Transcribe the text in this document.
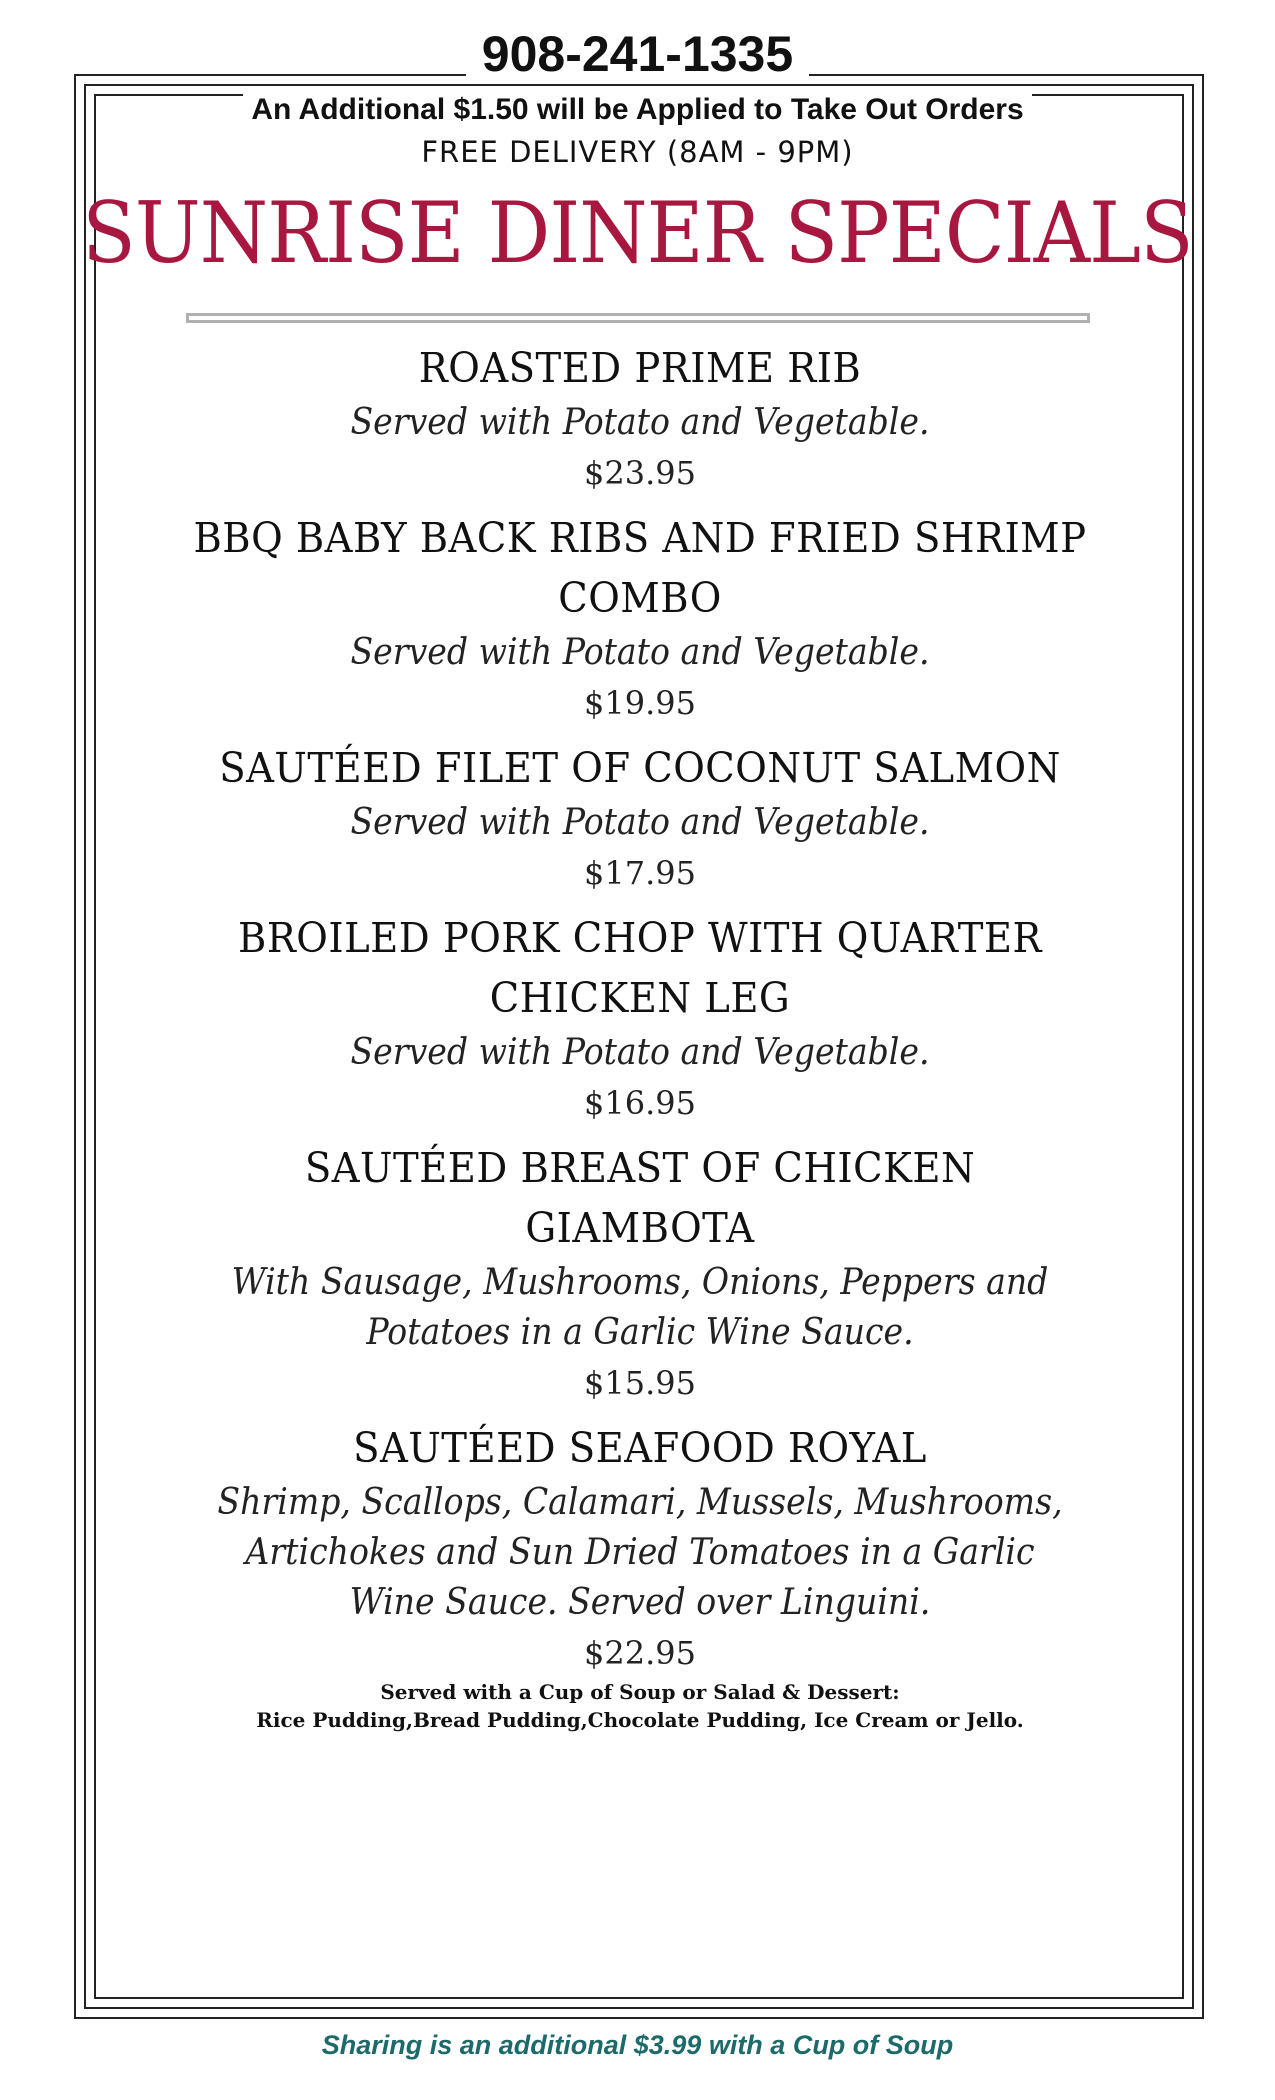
908-241-1335
An Additional $1.50 will be Applied to Take Out Orders
FREE DELIVERY (8AM - 9PM)
SUNRISE DINER SPECIALS
ROASTED PRIME RIB
Served with Potato and Vegetable.
$23.95
BBQ BABY BACK RIBS AND FRIED SHRIMP
COMBO
Served with Potato and Vegetable.
$19.95
SAUTÉED FILET OF COCONUT SALMON
Served with Potato and Vegetable.
$17.95
BROILED PORK CHOP WITH QUARTER
CHICKEN LEG
Served with Potato and Vegetable.
$16.95
SAUTÉED BREAST OF CHICKEN
GIAMBOTA
With Sausage, Mushrooms, Onions, Peppers and
Potatoes in a Garlic Wine Sauce.
$15.95
SAUTÉED SEAFOOD ROYAL
Shrimp, Scallops, Calamari, Mussels, Mushrooms,
Artichokes and Sun Dried Tomatoes in a Garlic
Wine Sauce. Served over Linguini.
$22.95
Served with a Cup of Soup or Salad & Dessert:
Rice Pudding,Bread Pudding,Chocolate Pudding, Ice Cream or Jello.
Sharing is an additional $3.99 with a Cup of Soup
